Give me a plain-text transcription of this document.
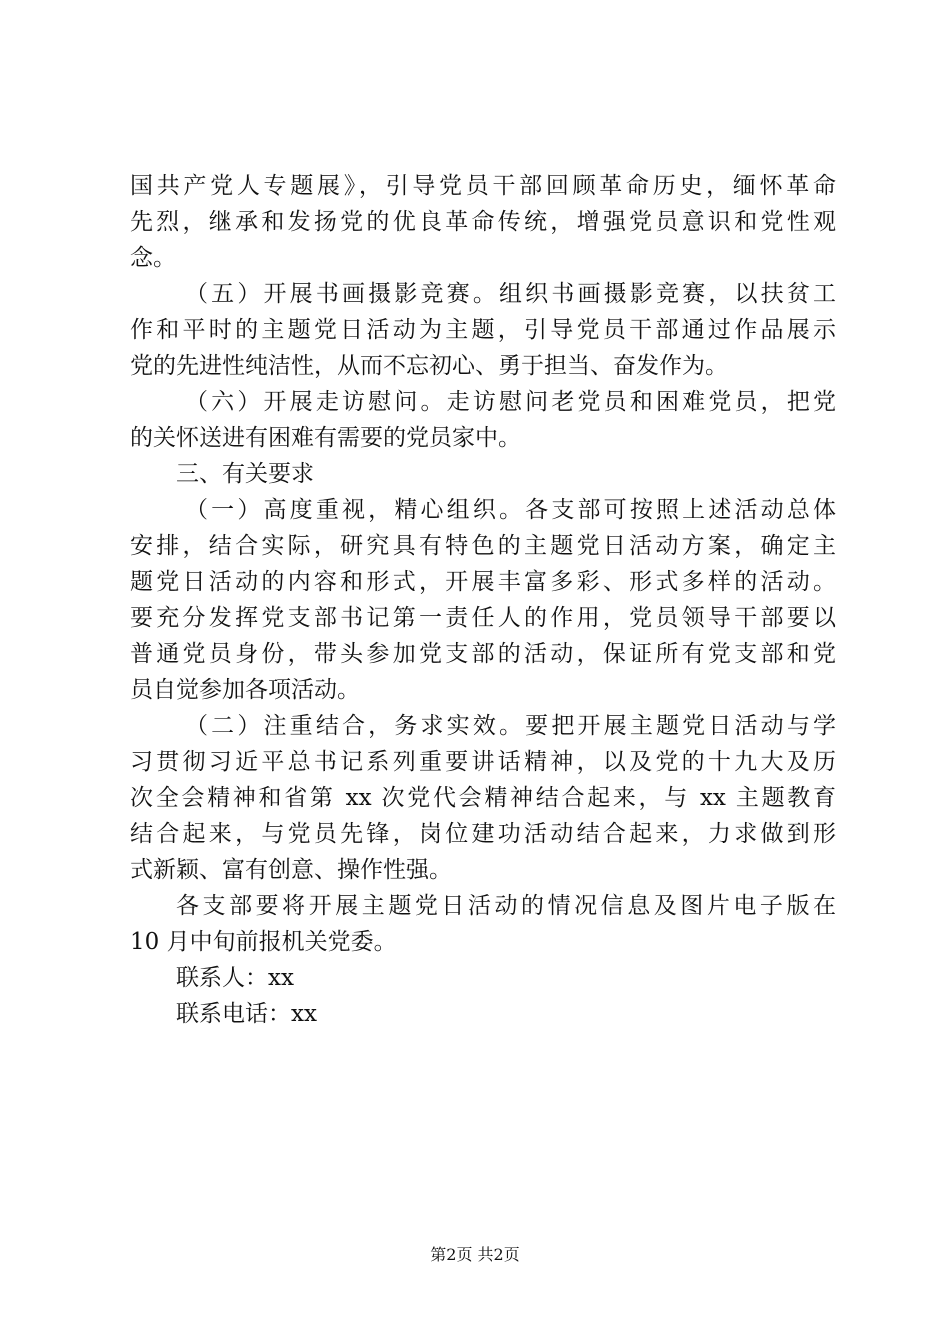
国共产党人专题展》，引导党员干部回顾革命历史，缅怀革命
先烈，继承和发扬党的优良革命传统，增强党员意识和党性观
念。
（五）开展书画摄影竞赛。组织书画摄影竞赛，以扶贫工
作和平时的主题党日活动为主题，引导党员干部通过作品展示
党的先进性纯洁性，从而不忘初心、勇于担当、奋发作为。
（六）开展走访慰问。走访慰问老党员和困难党员，把党
的关怀送进有困难有需要的党员家中。
三、有关要求
（一）高度重视，精心组织。各支部可按照上述活动总体
安排，结合实际，研究具有特色的主题党日活动方案，确定主
题党日活动的内容和形式，开展丰富多彩、形式多样的活动。
要充分发挥党支部书记第一责任人的作用，党员领导干部要以
普通党员身份，带头参加党支部的活动，保证所有党支部和党
员自觉参加各项活动。
（二）注重结合，务求实效。要把开展主题党日活动与学
习贯彻习近平总书记系列重要讲话精神，以及党的十九大及历
次全会精神和省第 xx 次党代会精神结合起来，与 xx 主题教育
结合起来，与党员先锋，岗位建功活动结合起来，力求做到形
式新颖、富有创意、操作性强。
各支部要将开展主题党日活动的情况信息及图片电子版在
10 月中旬前报机关党委。
联系人：xx
联系电话：xx
第2页 共2页
